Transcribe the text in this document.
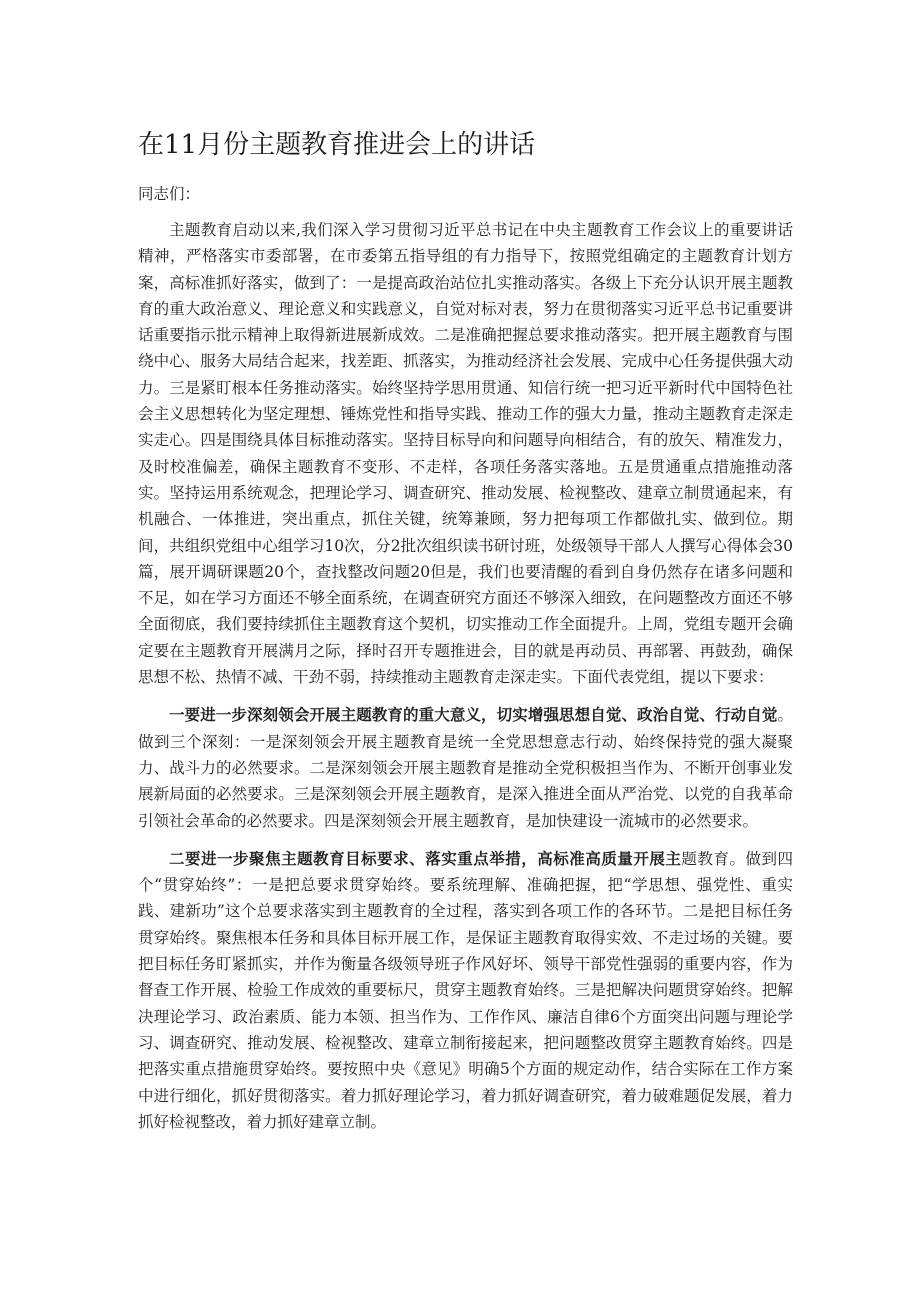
在11月份主题教育推进会上的讲话

同志们：

主题教育启动以来,我们深入学习贯彻习近平总书记在中央主题教育工作会议上的重要讲话精神，严格落实市委部署，在市委第五指导组的有力指导下，按照党组确定的主题教育计划方案，高标准抓好落实，做到了：一是提高政治站位扎实推动落实。各级上下充分认识开展主题教育的重大政治意义、理论意义和实践意义，自觉对标对表，努力在贯彻落实习近平总书记重要讲话重要指示批示精神上取得新进展新成效。二是准确把握总要求推动落实。把开展主题教育与围绕中心、服务大局结合起来，找差距、抓落实，为推动经济社会发展、完成中心任务提供强大动力。三是紧盯根本任务推动落实。始终坚持学思用贯通、知信行统一把习近平新时代中国特色社会主义思想转化为坚定理想、锤炼党性和指导实践、推动工作的强大力量，推动主题教育走深走实走心。四是围绕具体目标推动落实。坚持目标导向和问题导向相结合，有的放矢、精准发力，及时校准偏差，确保主题教育不变形、不走样，各项任务落实落地。五是贯通重点措施推动落实。坚持运用系统观念，把理论学习、调查研究、推动发展、检视整改、建章立制贯通起来，有机融合、一体推进，突出重点，抓住关键，统筹兼顾，努力把每项工作都做扎实、做到位。期间，共组织党组中心组学习10次，分2批次组织读书研讨班，处级领导干部人人撰写心得体会30篇，展开调研课题20个，查找整改问题20但是，我们也要清醒的看到自身仍然存在诸多问题和不足，如在学习方面还不够全面系统，在调查研究方面还不够深入细致，在问题整改方面还不够全面彻底，我们要持续抓住主题教育这个契机，切实推动工作全面提升。上周，党组专题开会确定要在主题教育开展满月之际，择时召开专题推进会，目的就是再动员、再部署、再鼓劲，确保思想不松、热情不减、干劲不弱，持续推动主题教育走深走实。下面代表党组，提以下要求：

一要进一步深刻领会开展主题教育的重大意义，切实增强思想自觉、政治自觉、行动自觉。做到三个深刻：一是深刻领会开展主题教育是统一全党思想意志行动、始终保持党的强大凝聚力、战斗力的必然要求。二是深刻领会开展主题教育是推动全党积极担当作为、不断开创事业发展新局面的必然要求。三是深刻领会开展主题教育，是深入推进全面从严治党、以党的自我革命引领社会革命的必然要求。四是深刻领会开展主题教育，是加快建设一流城市的必然要求。

二要进一步聚焦主题教育目标要求、落实重点举措，高标准高质量开展主题教育。做到四个“贯穿始终”：一是把总要求贯穿始终。要系统理解、准确把握，把“学思想、强党性、重实践、建新功”这个总要求落实到主题教育的全过程，落实到各项工作的各环节。二是把目标任务贯穿始终。聚焦根本任务和具体目标开展工作，是保证主题教育取得实效、不走过场的关键。要把目标任务盯紧抓实，并作为衡量各级领导班子作风好坏、领导干部党性强弱的重要内容，作为督查工作开展、检验工作成效的重要标尺，贯穿主题教育始终。三是把解决问题贯穿始终。把解决理论学习、政治素质、能力本领、担当作为、工作作风、廉洁自律6个方面突出问题与理论学习、调查研究、推动发展、检视整改、建章立制衔接起来，把问题整改贯穿主题教育始终。四是把落实重点措施贯穿始终。要按照中央《意见》明确5个方面的规定动作，结合实际在工作方案中进行细化，抓好贯彻落实。着力抓好理论学习，着力抓好调查研究，着力破难题促发展，着力抓好检视整改，着力抓好建章立制。
